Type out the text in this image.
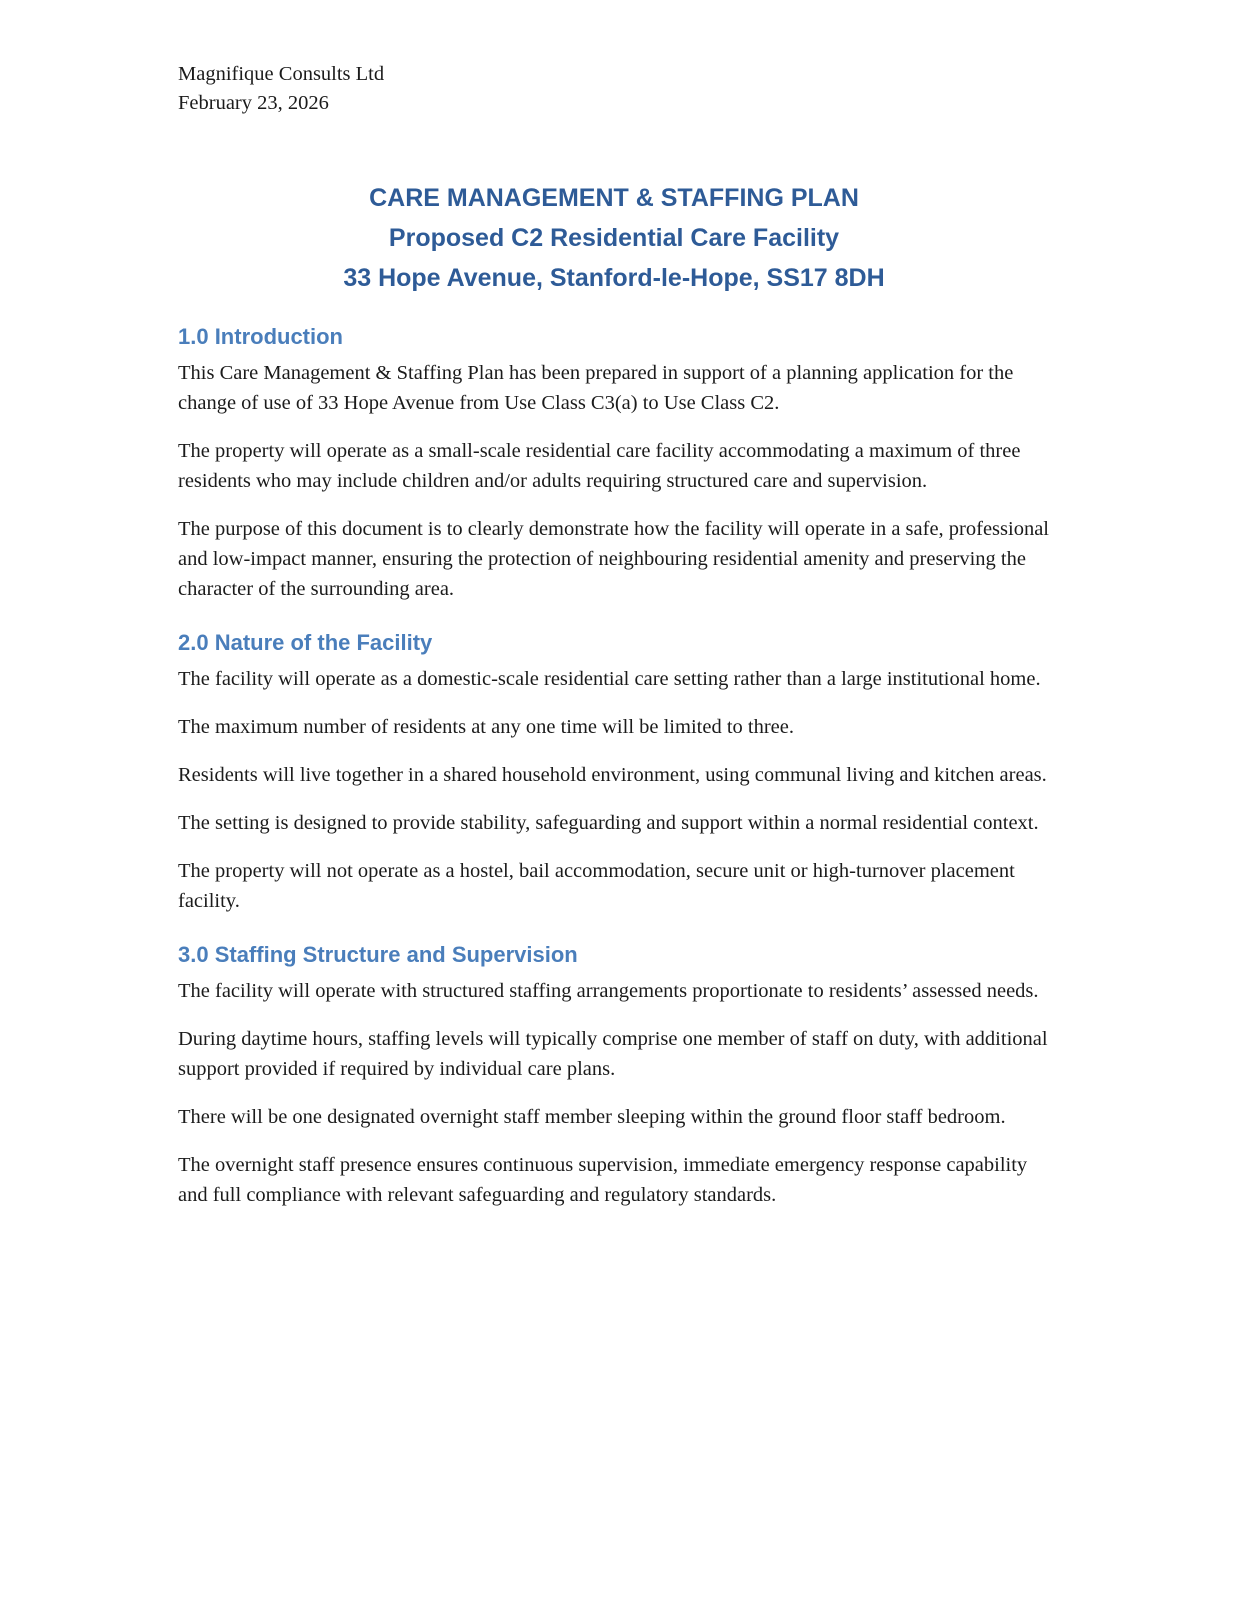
Magnifique Consults Ltd
February 23, 2026
CARE MANAGEMENT & STAFFING PLAN
Proposed C2 Residential Care Facility
33 Hope Avenue, Stanford-le-Hope, SS17 8DH
1.0 Introduction

This Care Management & Staffing Plan has been prepared in support of a planning application for the change of use of 33 Hope Avenue from Use Class C3(a) to Use Class C2.

The property will operate as a small-scale residential care facility accommodating a maximum of three residents who may include children and/or adults requiring structured care and supervision.

The purpose of this document is to clearly demonstrate how the facility will operate in a safe, professional and low-impact manner, ensuring the protection of neighbouring residential amenity and preserving the character of the surrounding area.

2.0 Nature of the Facility

The facility will operate as a domestic-scale residential care setting rather than a large institutional home.

The maximum number of residents at any one time will be limited to three.

Residents will live together in a shared household environment, using communal living and kitchen areas.

The setting is designed to provide stability, safeguarding and support within a normal residential context.

The property will not operate as a hostel, bail accommodation, secure unit or high-turnover placement facility.

3.0 Staffing Structure and Supervision

The facility will operate with structured staffing arrangements proportionate to residents’ assessed needs.

During daytime hours, staffing levels will typically comprise one member of staff on duty, with additional support provided if required by individual care plans.

There will be one designated overnight staff member sleeping within the ground floor staff bedroom.

The overnight staff presence ensures continuous supervision, immediate emergency response capability and full compliance with relevant safeguarding and regulatory standards.
